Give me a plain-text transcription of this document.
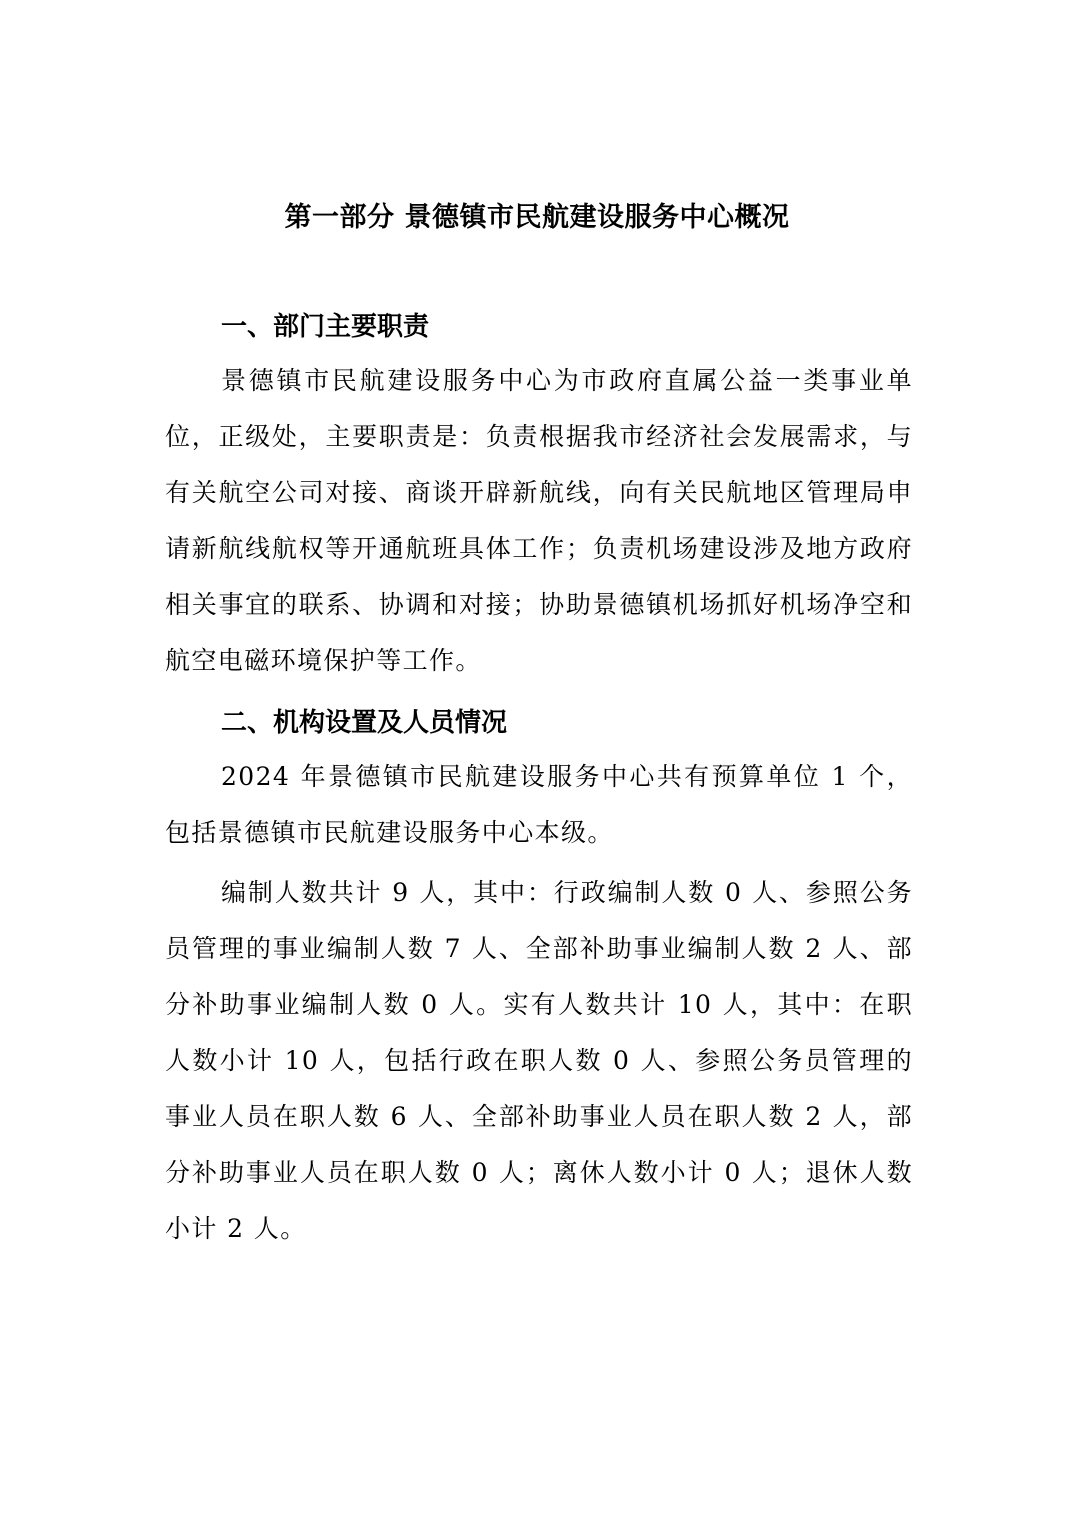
第一部分 景德镇市民航建设服务中心概况
一、部门主要职责

景德镇市民航建设服务中心为市政府直属公益一类事业单位，正级处，主要职责是：负责根据我市经济社会发展需求，与有关航空公司对接、商谈开辟新航线，向有关民航地区管理局申请新航线航权等开通航班具体工作；负责机场建设涉及地方政府相关事宜的联系、协调和对接；协助景德镇机场抓好机场净空和航空电磁环境保护等工作。

二、机构设置及人员情况

2024 年景德镇市民航建设服务中心共有预算单位 1 个，包括景德镇市民航建设服务中心本级。

编制人数共计 9 人，其中：行政编制人数 0 人、参照公务员管理的事业编制人数 7 人、全部补助事业编制人数 2 人、部分补助事业编制人数 0 人。实有人数共计 10 人，其中：在职人数小计 10 人，包括行政在职人数 0 人、参照公务员管理的事业人员在职人数 6 人、全部补助事业人员在职人数 2 人，部分补助事业人员在职人数 0 人；离休人数小计 0 人；退休人数小计 2 人。
